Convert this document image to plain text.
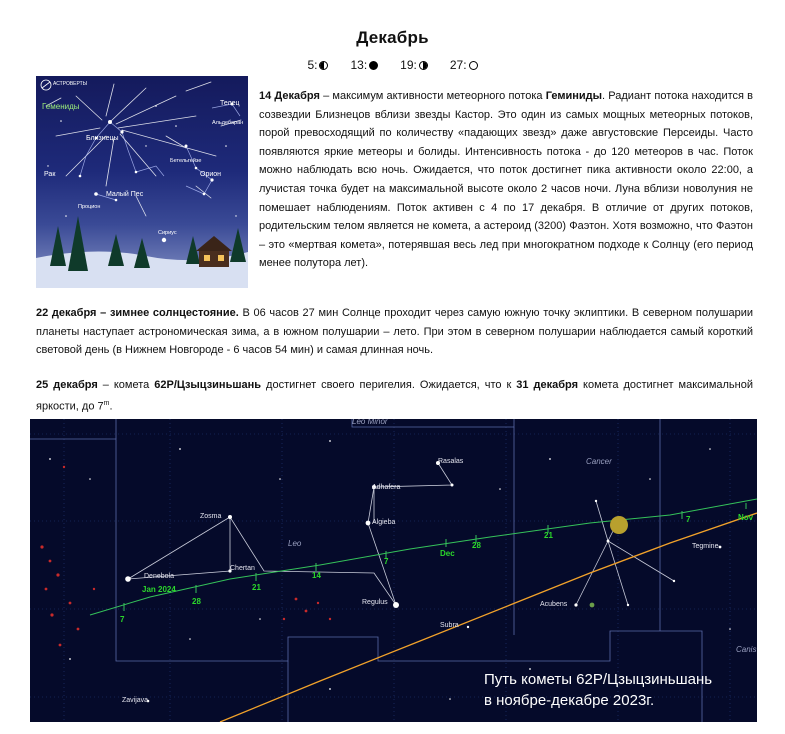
Декабрь
5:	13:	19:	27:
АСТРОВЕРТЫ
Гемениды	Телец
Альдебаран
Близнецы
Бетельгейзе
Орион
Рак
Малый Пес
Процион
Сириус
14 Декабря – максимум активности метеорного потока Геминиды. Радиант потока находится в созвездии Близнецов вблизи звезды Кастор. Это один из самых мощных метеорных потоков, порой превосходящий по количеству «падающих звезд» даже августовские Персеиды. Часто появляются яркие метеоры и болиды. Интенсивность потока - до 120 метеоров в час. Поток можно наблюдать всю ночь. Ожидается, что поток достигнет пика активности около 22:00, а лучистая точка будет на максимальной высоте около 2 часов ночи. Луна вблизи новолуния не помешает наблюдениям. Поток активен с 4 по 17 декабря. В отличие от других потоков, родительским телом является не комета, а астероид (3200) Фаэтон. Хотя возможно, что Фаэтон – это «мертвая комета», потерявшая весь лед при многократном подходе к Солнцу (его период менее полутора лет).
22 декабря – зимнее солнцестояние. В 06 часов 27 мин Солнце проходит через самую южную точку эклиптики. В северном полушарии планеты наступает астрономическая зима, а в южном полушарии – лето. При этом в северном полушарии наблюдается самый короткий световой день (в Нижнем Новгороде - 6 часов 54 мин) и самая длинная ночь.
25 декабря – комета 62P/Цзыцзиньшань достигнет своего перигелия. Ожидается, что к 31 декабря комета достигнет максимальной яркости, до 7$^m$.
Leo Minor
Cancer
Leo
Canis
Rasalas
Adhafera
Algieba
Zosma
Denebola
Chertan
Regulus
Subra
Acubens
Tegmine
Zavijava
Nov
7
21
28
Dec
7
14
21
28
Jan 2024
7
Путь кометы 62P/Цзыцзиньшань
в ноябре-декабре 2023г.
